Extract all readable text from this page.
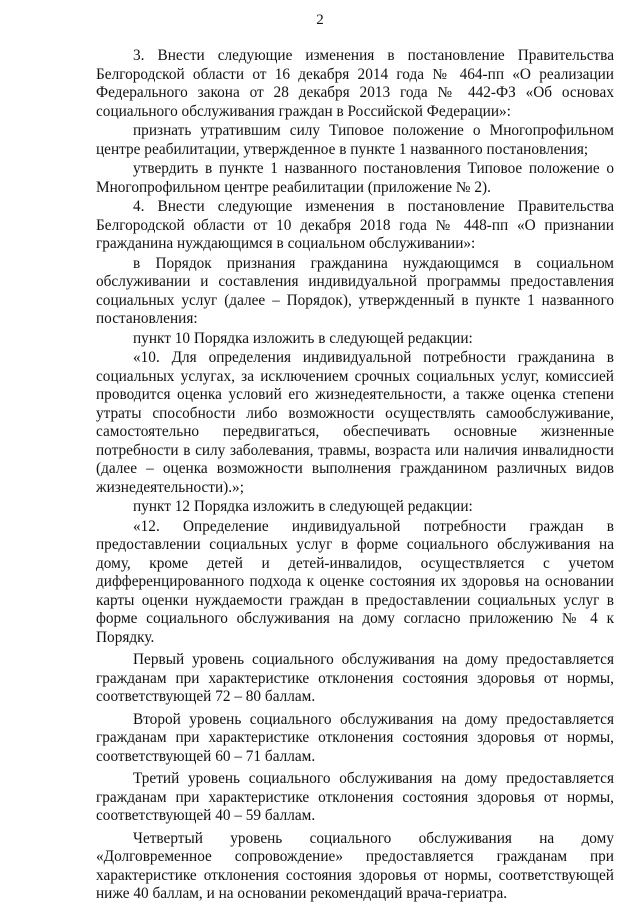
2

3. Внести следующие изменения в постановление Правительства Белгородской области от 16 декабря 2014 года № 464-пп «О реализации Федерального закона от 28 декабря 2013 года № 442-ФЗ «Об основах социального обслуживания граждан в Российской Федерации»:

признать утратившим силу Типовое положение о Многопрофильном центре реабилитации, утвержденное в пункте 1 названного постановления;

утвердить в пункте 1 названного постановления Типовое положение о Многопрофильном центре реабилитации (приложение № 2).

4. Внести следующие изменения в постановление Правительства Белгородской области от 10 декабря 2018 года № 448-пп «О признании гражданина нуждающимся в социальном обслуживании»:

в Порядок признания гражданина нуждающимся в социальном обслуживании и составления индивидуальной программы предоставления социальных услуг (далее – Порядок), утвержденный в пункте 1 названного постановления:

пункт 10 Порядка изложить в следующей редакции:

«10. Для определения индивидуальной потребности гражданина в социальных услугах, за исключением срочных социальных услуг, комиссией проводится оценка условий его жизнедеятельности, а также оценка степени утраты способности либо возможности осуществлять самообслуживание, самостоятельно передвигаться, обеспечивать основные жизненные потребности в силу заболевания, травмы, возраста или наличия инвалидности (далее – оценка возможности выполнения гражданином различных видов жизнедеятельности).»;

пункт 12 Порядка изложить в следующей редакции:

«12. Определение индивидуальной потребности граждан в предоставлении социальных услуг в форме социального обслуживания на дому, кроме детей и детей-инвалидов, осуществляется с учетом дифференцированного подхода к оценке состояния их здоровья на основании карты оценки нуждаемости граждан в предоставлении социальных услуг в форме социального обслуживания на дому согласно приложению № 4 к Порядку.

Первый уровень социального обслуживания на дому предоставляется гражданам при характеристике отклонения состояния здоровья от нормы, соответствующей 72 – 80 баллам.

Второй уровень социального обслуживания на дому предоставляется гражданам при характеристике отклонения состояния здоровья от нормы, соответствующей 60 – 71 баллам.

Третий уровень социального обслуживания на дому предоставляется гражданам при характеристике отклонения состояния здоровья от нормы, соответствующей 40 – 59 баллам.

Четвертый уровень социального обслуживания на дому «Долговременное сопровождение» предоставляется гражданам при характеристике отклонения состояния здоровья от нормы, соответствующей ниже 40 баллам, и на основании рекомендаций врача-гериатра.
